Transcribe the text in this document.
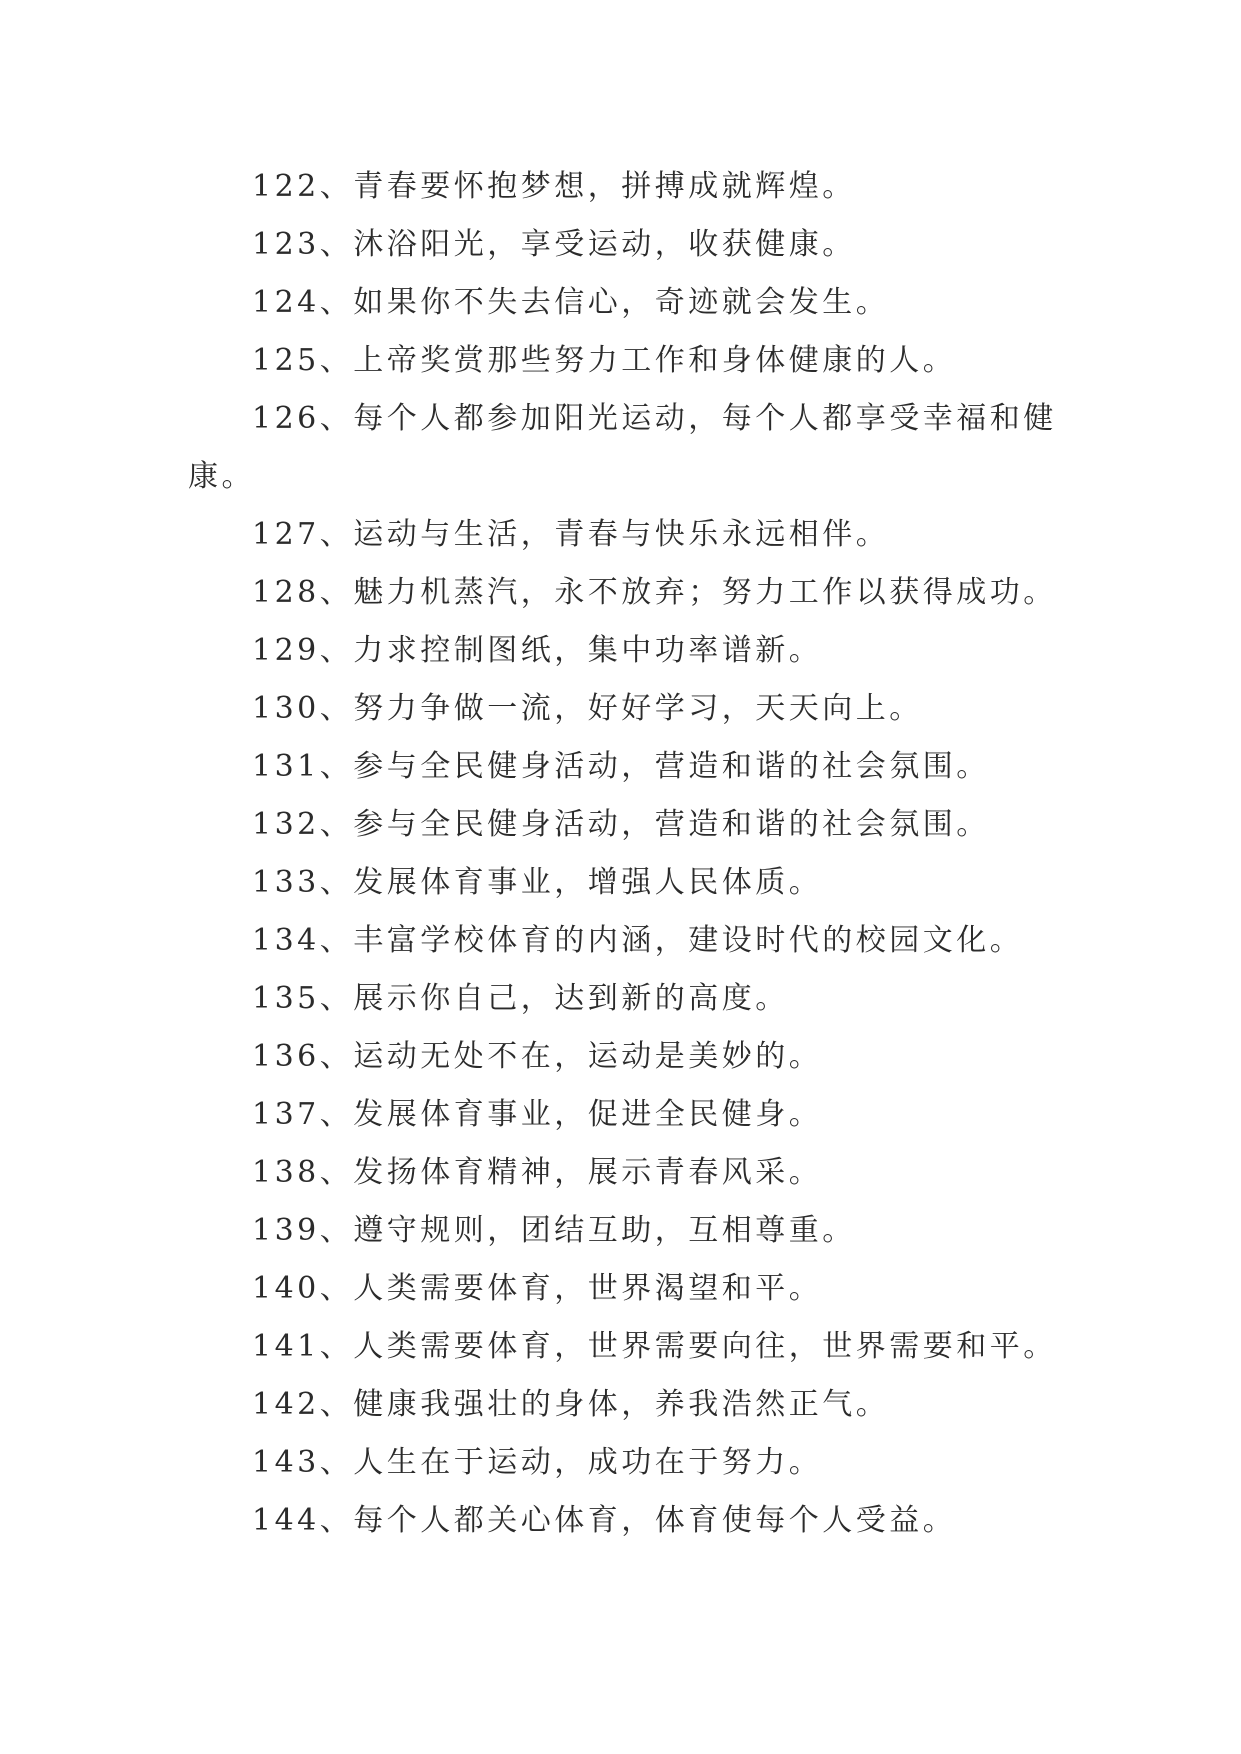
122、青春要怀抱梦想，拼搏成就辉煌。

123、沐浴阳光，享受运动，收获健康。

124、如果你不失去信心，奇迹就会发生。

125、上帝奖赏那些努力工作和身体健康的人。

126、每个人都参加阳光运动，每个人都享受幸福和健康。

127、运动与生活，青春与快乐永远相伴。

128、魅力机蒸汽，永不放弃；努力工作以获得成功。

129、力求控制图纸，集中功率谱新。

130、努力争做一流，好好学习，天天向上。

131、参与全民健身活动，营造和谐的社会氛围。

132、参与全民健身活动，营造和谐的社会氛围。

133、发展体育事业，增强人民体质。

134、丰富学校体育的内涵，建设时代的校园文化。

135、展示你自己，达到新的高度。

136、运动无处不在，运动是美妙的。

137、发展体育事业，促进全民健身。

138、发扬体育精神，展示青春风采。

139、遵守规则，团结互助，互相尊重。

140、人类需要体育，世界渴望和平。

141、人类需要体育，世界需要向往，世界需要和平。

142、健康我强壮的身体，养我浩然正气。

143、人生在于运动，成功在于努力。

144、每个人都关心体育，体育使每个人受益。
